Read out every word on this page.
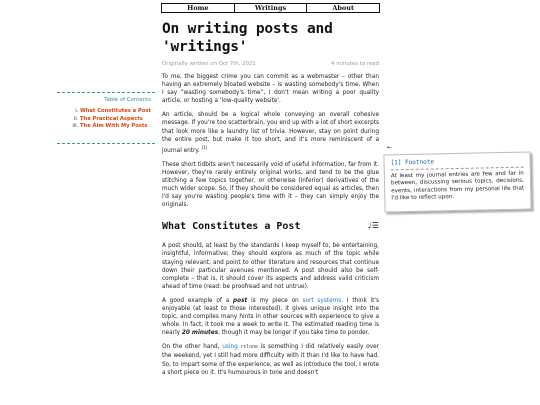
Home	Writings	About
Table of Contents
i. What Constitutes a Post
ii. The Practical Aspects
iii. The Aim With My Posts
On writing posts and 'writings'
Originally written on Oct 7th, 2021	4 minutes to read

To me, the biggest crime you can commit as a webmaster – other than having an extremely bloated website – is wasting somebody's time. When I say “wasting somebody's time”, I don't mean writing a poor quality article, or hosting a ‘low-quality website'.

An article, should be a logical whole conveying an overall cohesive message. If you're too scatterbrain, you end up with a lot of short excerpts that look more like a laundry list of trivia. However, stay on point during the entire post, but make it too short, and it's more reminiscent of a journal entry. [1]

These short tidbits aren't necessarily void of useful information, far from it. However, they're rarely entirely original works, and tend to be the glue stitching a few topics together, or otherwise (inferior) derivatives of the much wider scope. So, if they should be considered equal as articles, then I'd say you're wasting people's time with it – they can simply enjoy the originals.

What Constitutes a Post	♩☰

A post should, at least by the standards I keep myself to, be entertaining, insightful, informative; they should explore as much of the topic while staying relevant, and point to other literature and resources that continue down their particular avenues mentioned. A post should also be self-complete – that is, it should cover its aspects and address valid criticism ahead of time (read: be proofread and not untrue).

A good example of a post is my piece on sort systems. I think it's enjoyable (at least to those interested), it gives unique insight into the topic, and compiles many hints in other sources with experience to give a whole. In fact, it took me a week to write it. The estimated reading time is nearly 20 minutes, though it may be longer if you take time to ponder.

On the other hand, using rclone is something I did relatively easily over the weekend, yet I still had more difficulty with it than I'd like to have had. So, to impart some of the experience, as well as introduce the tool, I wrote a short piece on it. It's humourous in tone and doesn't

←
[1] Footnote
At least my journal entries are few and far in between, discussing serious topics, decisions, events, interactions from my personal life that I'd like to reflect upon.
